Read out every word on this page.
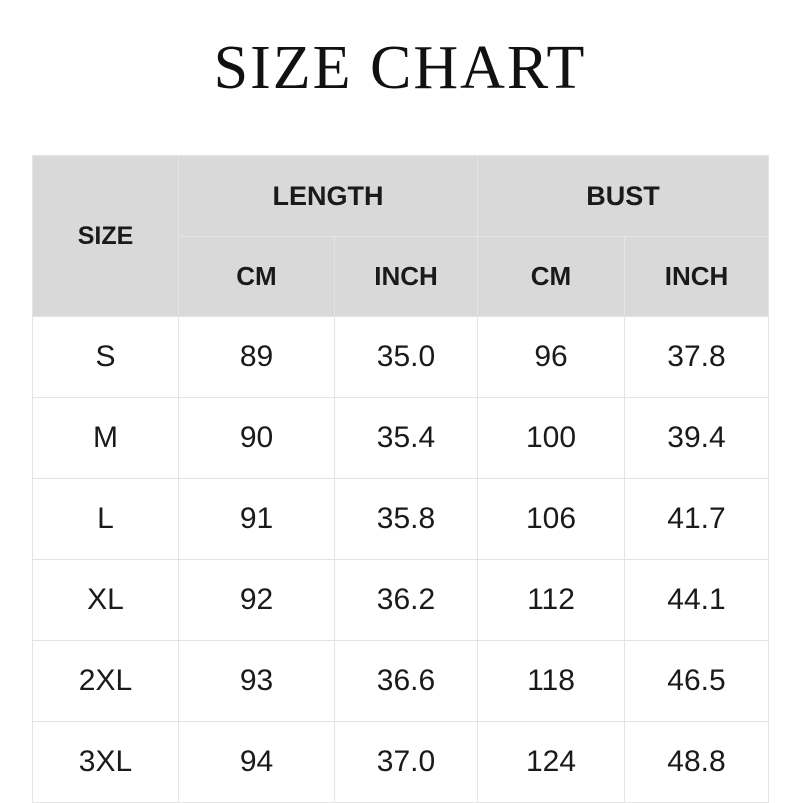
SIZE CHART
SIZE	LENGTH		BUST	
	CM	INCH	CM	INCH
S	89	35.0	96	37.8
M	90	35.4	100	39.4
L	91	35.8	106	41.7
XL	92	36.2	112	44.1
2XL	93	36.6	118	46.5
3XL	94	37.0	124	48.8
